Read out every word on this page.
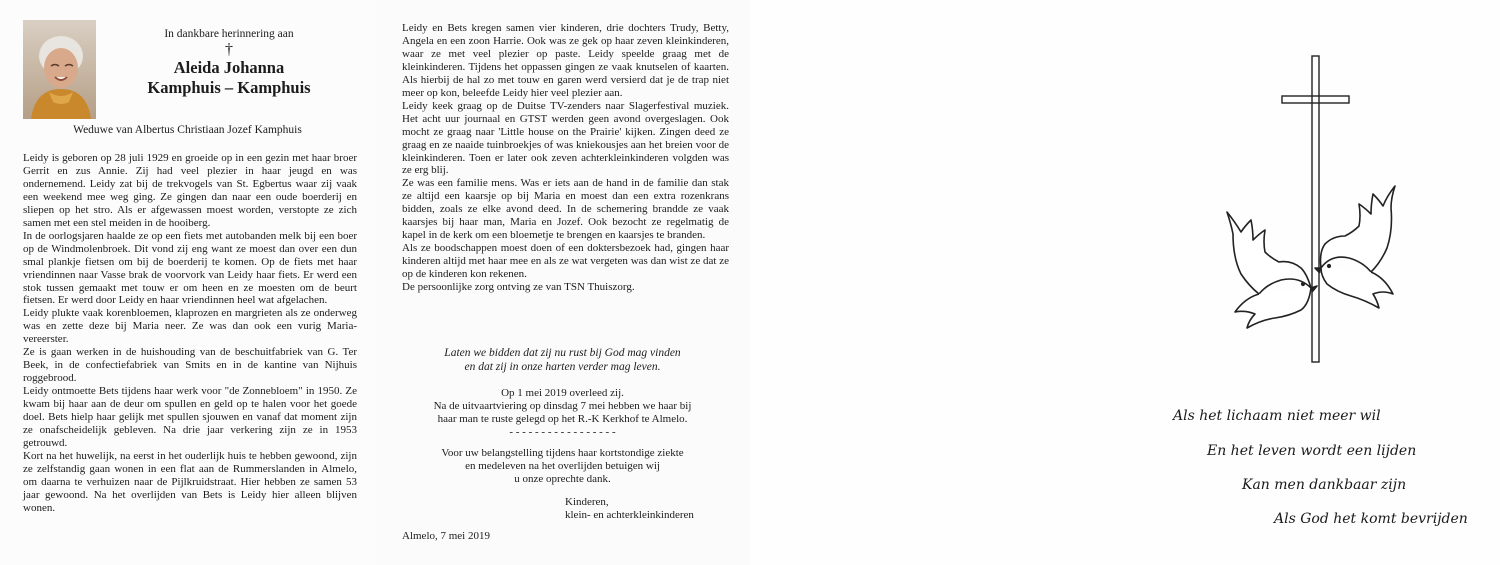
In dankbare herinnering aan
†
Aleida Johanna
Kamphuis – Kamphuis
Weduwe van Albertus Christiaan Jozef Kamphuis

Leidy is geboren op 28 juli 1929 en groeide op in een gezin met haar broer Gerrit en zus Annie. Zij had veel plezier in haar jeugd en was ondernemend. Leidy zat bij de trekvogels van St. Egbertus waar zij vaak een weekend mee weg ging. Ze gingen dan naar een oude boerderij en sliepen op het stro. Als er afgewassen moest worden, verstopte ze zich samen met een stel meiden in de hooiberg.

In de oorlogsjaren haalde ze op een fiets met autobanden melk bij een boer op de Windmolenbroek. Dit vond zij eng want ze moest dan over een dun smal plankje fietsen om bij de boerderij te komen. Op de fiets met haar vriendinnen naar Vasse brak de voorvork van Leidy haar fiets. Er werd een stok tussen gemaakt met touw er om heen en ze moesten om de beurt fietsen. Er werd door Leidy en haar vriendinnen heel wat afgelachen.

Leidy plukte vaak korenbloemen, klaprozen en margrieten als ze onderweg was en zette deze bij Maria neer. Ze was dan ook een vurig Maria-vereerster.

Ze is gaan werken in de huishouding van de beschuitfabriek van G. Ter Beek, in de confectiefabriek van Smits en in de kantine van Nijhuis roggebrood.

Leidy ontmoette Bets tijdens haar werk voor "de Zonnebloem" in 1950. Ze kwam bij haar aan de deur om spullen en geld op te halen voor het goede doel. Bets hielp haar gelijk met spullen sjouwen en vanaf dat moment zijn ze onafscheidelijk gebleven. Na drie jaar verkering zijn ze in 1953 getrouwd.

Kort na het huwelijk, na eerst in het ouderlijk huis te hebben gewoond, zijn ze zelfstandig gaan wonen in een flat aan de Rummerslanden in Almelo, om daarna te verhuizen naar de Pijlkruidstraat. Hier hebben ze samen 53 jaar gewoond. Na het overlijden van Bets is Leidy hier alleen blijven wonen.

Leidy en Bets kregen samen vier kinderen, drie dochters Trudy, Betty, Angela en een zoon Harrie. Ook was ze gek op haar zeven kleinkinderen, waar ze met veel plezier op paste. Leidy speelde graag met de kleinkinderen. Tijdens het oppassen gingen ze vaak knutselen of kaarten. Als hierbij de hal zo met touw en garen werd versierd dat je de trap niet meer op kon, beleefde Leidy hier veel plezier aan.

Leidy keek graag op de Duitse TV-zenders naar Slagerfestival muziek. Het acht uur journaal en GTST werden geen avond overgeslagen. Ook mocht ze graag naar 'Little house on the Prairie' kijken. Zingen deed ze graag en ze naaide tuinbroekjes of was kniekousjes aan het breien voor de kleinkinderen. Toen er later ook zeven achterkleinkinderen volgden was ze erg blij.

Ze was een familie mens. Was er iets aan de hand in de familie dan stak ze altijd een kaarsje op bij Maria en moest dan een extra rozenkrans bidden, zoals ze elke avond deed. In de schemering brandde ze vaak kaarsjes bij haar man, Maria en Jozef. Ook bezocht ze regelmatig de kapel in de kerk om een bloemetje te brengen en kaarsjes te branden.

Als ze boodschappen moest doen of een doktersbezoek had, gingen haar kinderen altijd met haar mee en als ze wat vergeten was dan wist ze dat ze op de kinderen kon rekenen.

De persoonlijke zorg ontving ze van TSN Thuiszorg.

Laten we bidden dat zij nu rust bij God mag vinden
en dat zij in onze harten verder mag leven.
Op 1 mei 2019 overleed zij.
Na de uitvaartviering op dinsdag 7 mei hebben we haar bij
haar man te ruste gelegd op het R.-K Kerkhof te Almelo.
- - - - - - - - - - - - - - - - -
Voor uw belangstelling tijdens haar kortstondige ziekte
en medeleven na het overlijden betuigen wij
u onze oprechte dank.
Kinderen,
klein- en achterkleinkinderen
Almelo, 7 mei 2019
Als het lichaam niet meer wil
En het leven wordt een lijden
Kan men dankbaar zijn
Als God het komt bevrijden
